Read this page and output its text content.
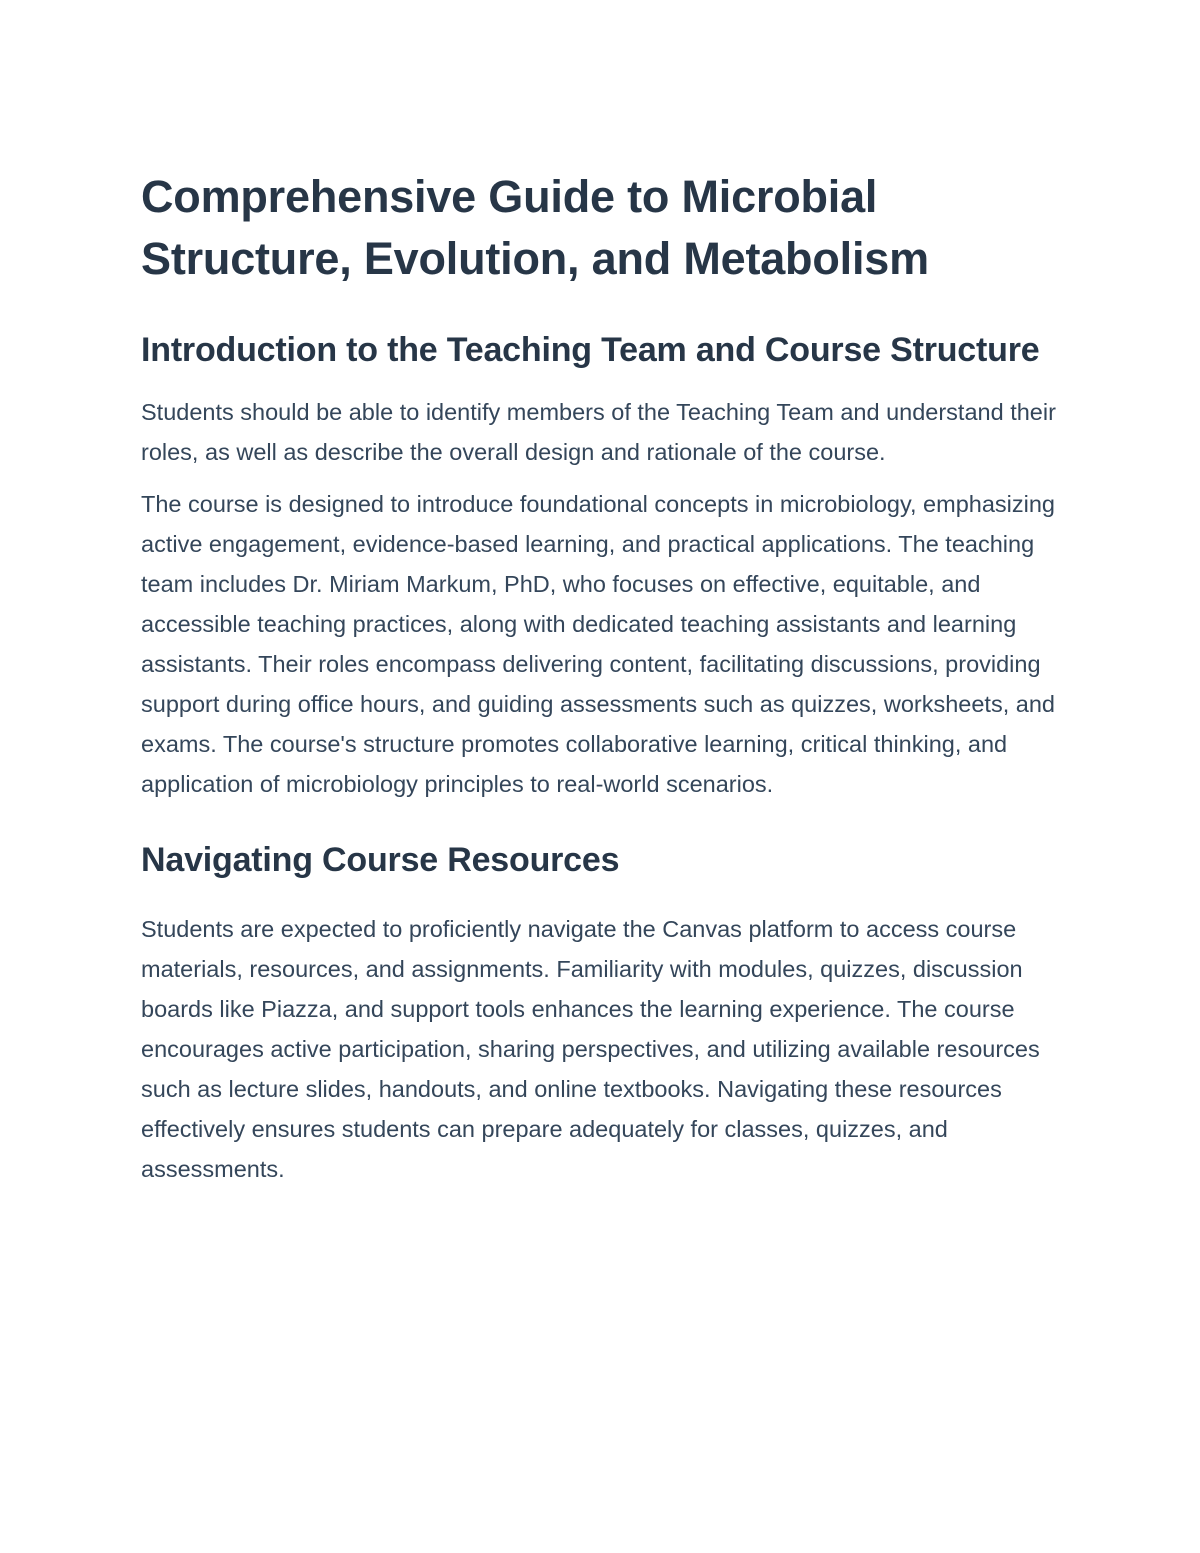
Comprehensive Guide to Microbial Structure, Evolution, and Metabolism
Introduction to the Teaching Team and Course Structure

Students should be able to identify members of the Teaching Team and understand their roles, as well as describe the overall design and rationale of the course.

The course is designed to introduce foundational concepts in microbiology, emphasizing active engagement, evidence-based learning, and practical applications. The teaching team includes Dr. Miriam Markum, PhD, who focuses on effective, equitable, and accessible teaching practices, along with dedicated teaching assistants and learning assistants. Their roles encompass delivering content, facilitating discussions, providing support during office hours, and guiding assessments such as quizzes, worksheets, and exams. The course's structure promotes collaborative learning, critical thinking, and application of microbiology principles to real-world scenarios.

Navigating Course Resources

Students are expected to proficiently navigate the Canvas platform to access course materials, resources, and assignments. Familiarity with modules, quizzes, discussion boards like Piazza, and support tools enhances the learning experience. The course encourages active participation, sharing perspectives, and utilizing available resources such as lecture slides, handouts, and online textbooks. Navigating these resources effectively ensures students can prepare adequately for classes, quizzes, and assessments.
